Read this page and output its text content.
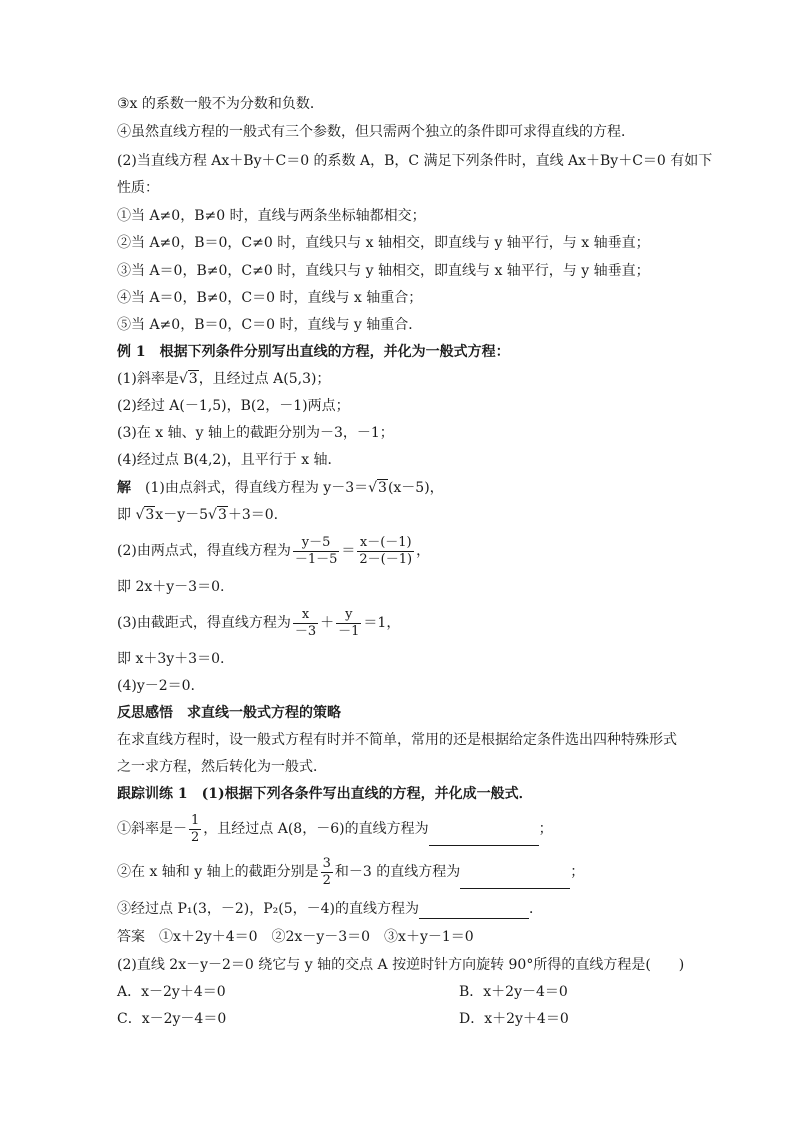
③x 的系数一般不为分数和负数．
④虽然直线方程的一般式有三个参数，但只需两个独立的条件即可求得直线的方程．
(2)当直线方程 Ax＋By＋C＝0 的系数 A，B，C 满足下列条件时，直线 Ax＋By＋C＝0 有如下
性质：
①当 A≠0，B≠0 时，直线与两条坐标轴都相交；
②当 A≠0，B＝0，C≠0 时，直线只与 x 轴相交，即直线与 y 轴平行，与 x 轴垂直；
③当 A＝0，B≠0，C≠0 时，直线只与 y 轴相交，即直线与 x 轴平行，与 y 轴垂直；
④当 A＝0，B≠0，C＝0 时，直线与 x 轴重合；
⑤当 A≠0，B＝0，C＝0 时，直线与 y 轴重合．
例 1　根据下列条件分别写出直线的方程，并化为一般式方程：
(1)斜率是√3，且经过点 A(5,3)；
(2)经过 A(－1,5)，B(2，－1)两点；
(3)在 x 轴、y 轴上的截距分别为－3，－1；
(4)经过点 B(4,2)，且平行于 x 轴．
解 (1)由点斜式，得直线方程为 y－3＝√3(x－5)，
即 √3x－y－5√3＋3＝0.
(2)由两点式，得直线方程为 $\frac{y-5}{-1-5} = \frac{x-(-1)}{2-(-1)}$ ，
即 2x＋y－3＝0.
(3)由截距式，得直线方程为 $\frac{x}{-3} + \frac{y}{-1} =1$，
即 x＋3y＋3＝0.
(4)y－2＝0.
反思感悟　求直线一般式方程的策略
在求直线方程时，设一般式方程有时并不简单，常用的还是根据给定条件选出四种特殊形式
之一求方程，然后转化为一般式．
跟踪训练 1　(1)根据下列各条件写出直线的方程，并化成一般式．
①斜率是－ $\frac{1}{2}$ ，且经过点 A(8，－6)的直线方程为	；
②在 x 轴和 y 轴上的截距分别是 $\frac{3}{2}$ 和－3 的直线方程为	；
③经过点 P₁(3，－2)，P₂(5，－4)的直线方程为	．
答案　①x＋2y＋4＝0　②2x－y－3＝0　③x＋y－1＝0
(2)直线 2x－y－2＝0 绕它与 y 轴的交点 A 按逆时针方向旋转 90°所得的直线方程是(　　)
A．x－2y＋4＝0	B．x＋2y－4＝0
C．x－2y－4＝0	D．x＋2y＋4＝0
